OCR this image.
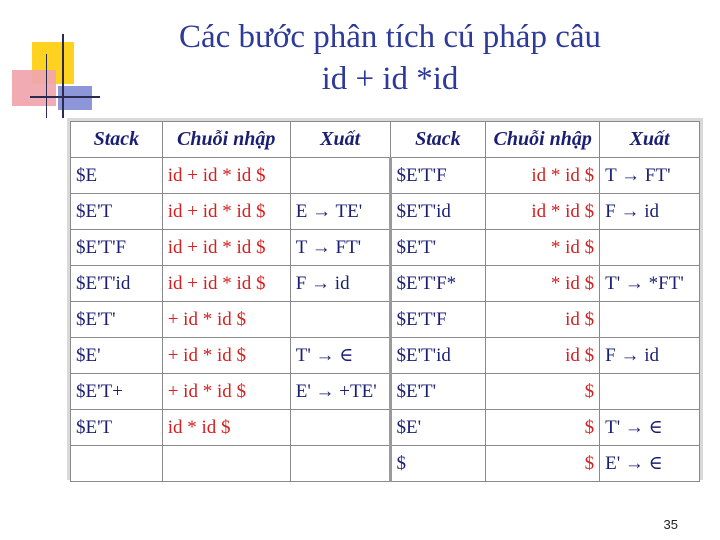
Các bước phân tích cú pháp câu
id + id *id
Stack	Chuỗi nhập	Xuất	Stack	Chuỗi nhập	Xuất
$E	id + id * id $		$E'T'F	id * id $	T → FT'
$E'T	id + id * id $	E → TE'	$E'T'id	id * id $	F → id
$E'T'F	id + id * id $	T → FT'	$E'T'	* id $	
$E'T'id	id + id * id $	F → id	$E'T'F*	* id $	T' → *FT'
$E'T'	+ id * id $		$E'T'F	id $	
$E'	+ id * id $	T' → ∈	$E'T'id	id $	F → id
$E'T+	+ id * id $	E' → +TE'	$E'T'	$	
$E'T	id * id $		$E'	$	T' → ∈
			$	$	E' → ∈
35
